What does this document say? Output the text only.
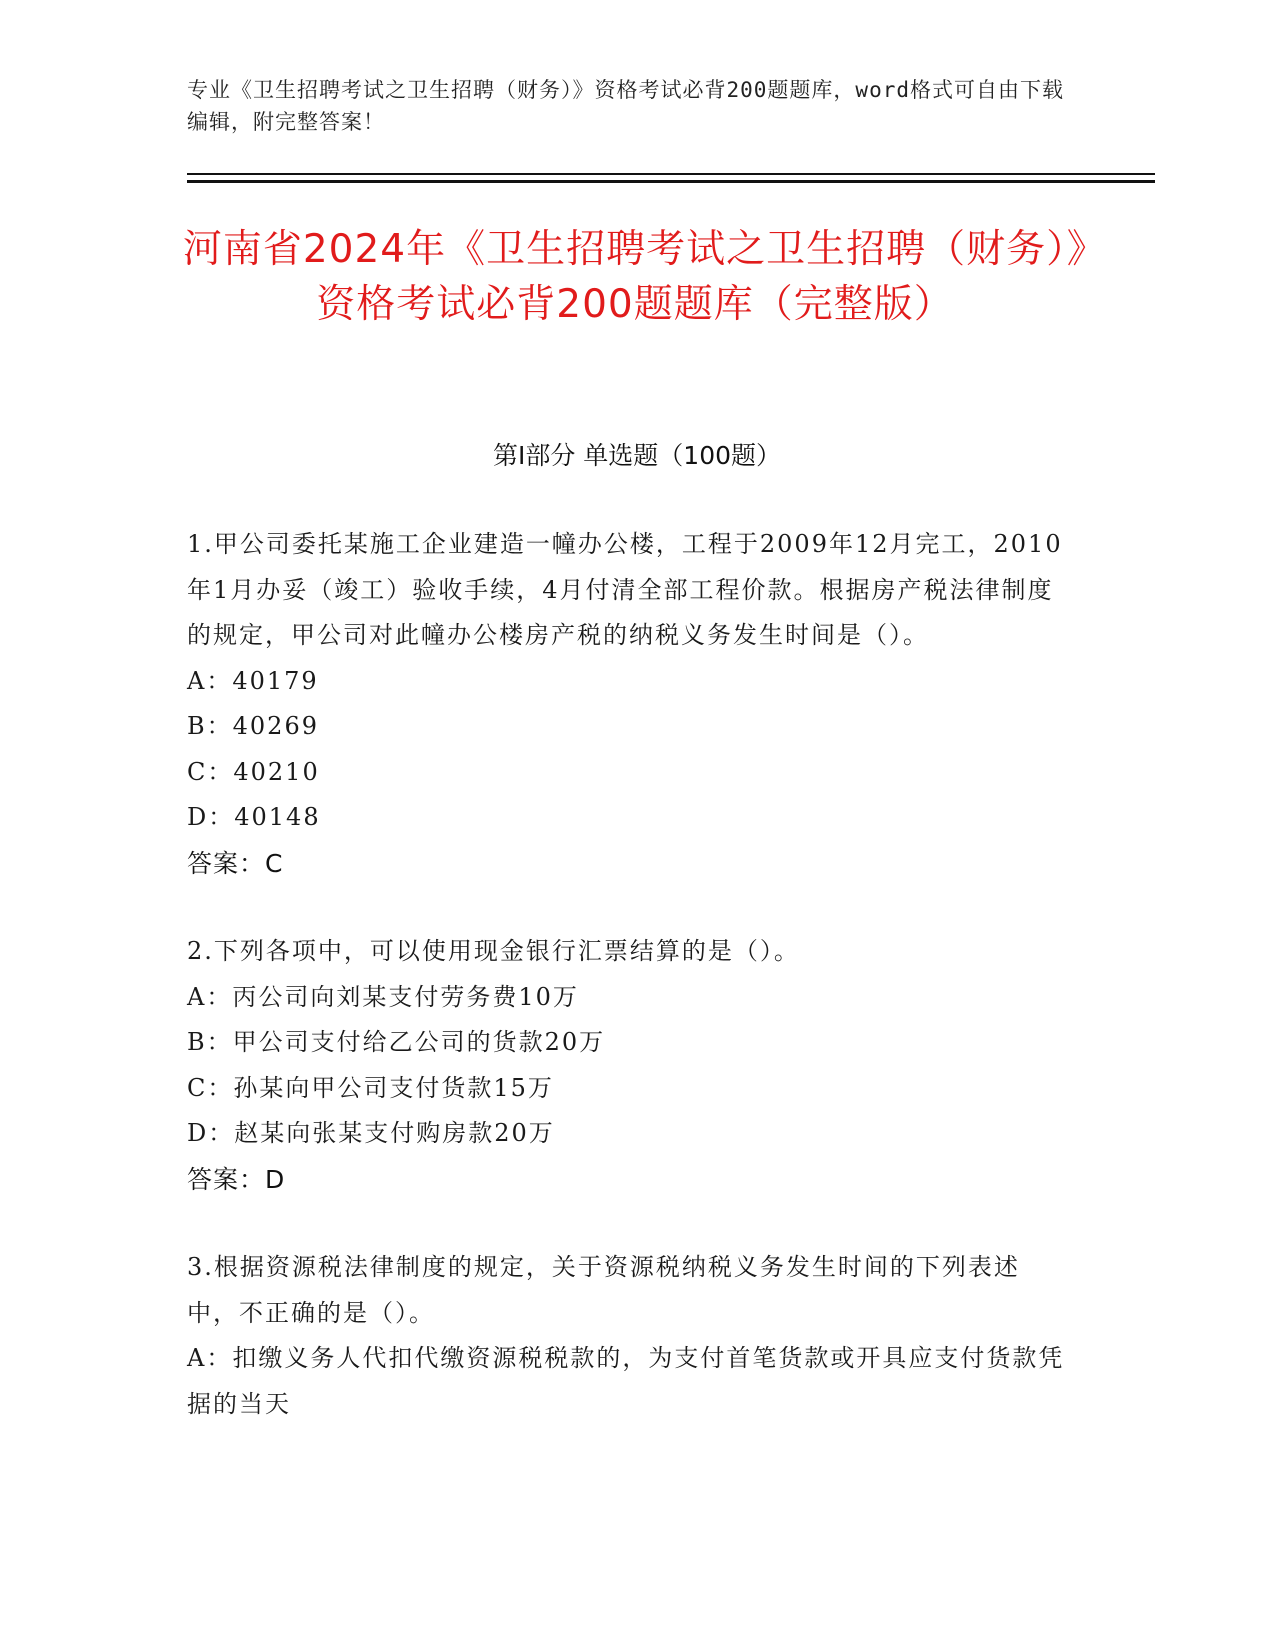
专业《卫生招聘考试之卫生招聘（财务）》资格考试必背200题题库，word格式可自由下载编辑，附完整答案！
河南省2024年《卫生招聘考试之卫生招聘（财务）》资格考试必背200题题库（完整版）
第I部分 单选题（100题）
1.甲公司委托某施工企业建造一幢办公楼，工程于2009年12月完工，2010年1月办妥（竣工）验收手续，4月付清全部工程价款。根据房产税法律制度的规定，甲公司对此幢办公楼房产税的纳税义务发生时间是（）。
A：40179
B：40269
C：40210
D：40148
答案：C
2.下列各项中，可以使用现金银行汇票结算的是（）。
A：丙公司向刘某支付劳务费10万
B：甲公司支付给乙公司的货款20万
C：孙某向甲公司支付货款15万
D：赵某向张某支付购房款20万
答案：D
3.根据资源税法律制度的规定，关于资源税纳税义务发生时间的下列表述中，不正确的是（）。
A：扣缴义务人代扣代缴资源税税款的，为支付首笔货款或开具应支付货款凭据的当天
